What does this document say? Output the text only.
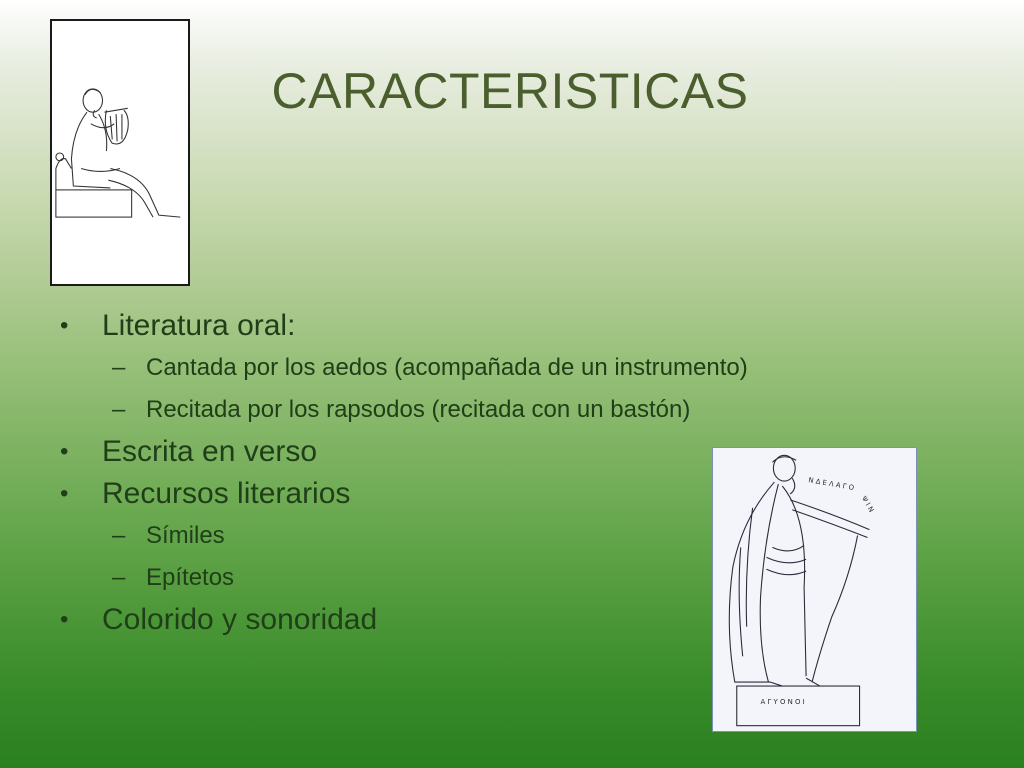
CARACTERISTICAS
• Literatura oral:
– Cantada por los aedos (acompañada de un instrumento)
– Recitada por los rapsodos (recitada con un bastón)
• Escrita en verso
• Recursos literarios
– Símiles
– Epítetos
• Colorido y sonoridad
Ν Δ Ε Λ Α Γ Ο
Ψ Ι Ν
Α Γ Υ Ο Ν Ο Ι
